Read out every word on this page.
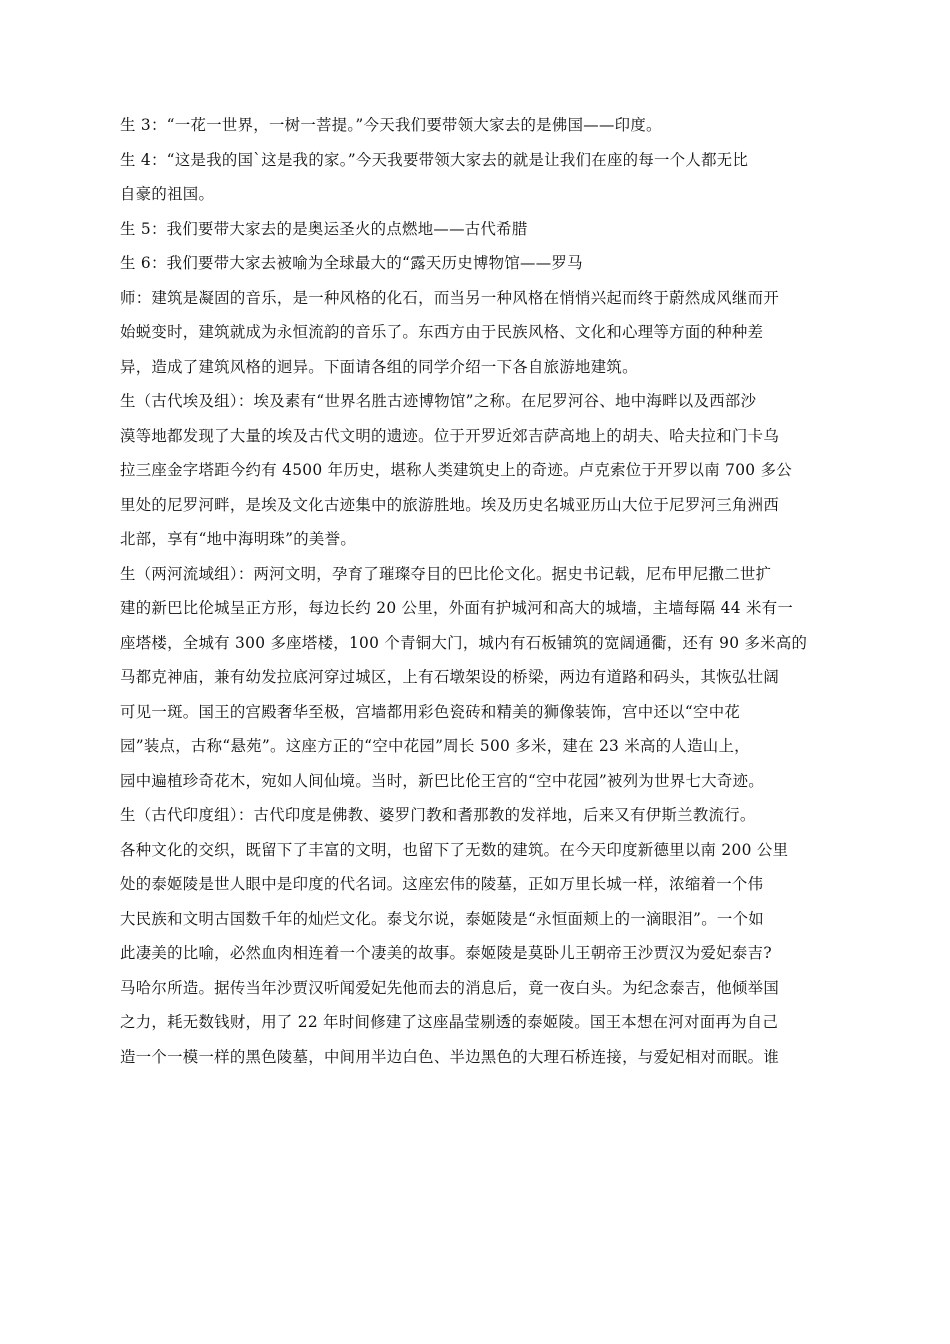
生 3：“一花一世界，一树一菩提。”今天我们要带领大家去的是佛国——印度。
生 4：“这是我的国`这是我的家。”今天我要带领大家去的就是让我们在座的每一个人都无比
自豪的祖国。
生 5：我们要带大家去的是奥运圣火的点燃地——古代希腊
生 6：我们要带大家去被喻为全球最大的“露天历史博物馆——罗马
师：建筑是凝固的音乐，是一种风格的化石，而当另一种风格在悄悄兴起而终于蔚然成风继而开
始蜕变时，建筑就成为永恒流韵的音乐了。东西方由于民族风格、文化和心理等方面的种种差
异，造成了建筑风格的迥异。下面请各组的同学介绍一下各自旅游地建筑。
生（古代埃及组）：埃及素有“世界名胜古迹博物馆”之称。在尼罗河谷、地中海畔以及西部沙
漠等地都发现了大量的埃及古代文明的遗迹。位于开罗近郊吉萨高地上的胡夫、哈夫拉和门卡乌
拉三座金字塔距今约有 4500 年历史，堪称人类建筑史上的奇迹。卢克索位于开罗以南 700 多公
里处的尼罗河畔，是埃及文化古迹集中的旅游胜地。埃及历史名城亚历山大位于尼罗河三角洲西
北部，享有“地中海明珠”的美誉。
生（两河流域组）：两河文明，孕育了璀璨夺目的巴比伦文化。据史书记载，尼布甲尼撒二世扩
建的新巴比伦城呈正方形，每边长约 20 公里，外面有护城河和高大的城墙，主墙每隔 44 米有一
座塔楼，全城有 300 多座塔楼，100 个青铜大门，城内有石板铺筑的宽阔通衢，还有 90 多米高的
马都克神庙，兼有幼发拉底河穿过城区，上有石墩架设的桥梁，两边有道路和码头，其恢弘壮阔
可见一斑。国王的宫殿奢华至极，宫墙都用彩色瓷砖和精美的狮像装饰，宫中还以“空中花
园”装点，古称“悬苑”。这座方正的“空中花园”周长 500 多米，建在 23 米高的人造山上，
园中遍植珍奇花木，宛如人间仙境。当时，新巴比伦王宫的“空中花园”被列为世界七大奇迹。
生（古代印度组）：古代印度是佛教、婆罗门教和耆那教的发祥地，后来又有伊斯兰教流行。
各种文化的交织，既留下了丰富的文明，也留下了无数的建筑。在今天印度新德里以南 200 公里
处的泰姬陵是世人眼中是印度的代名词。这座宏伟的陵墓，正如万里长城一样，浓缩着一个伟
大民族和文明古国数千年的灿烂文化。泰戈尔说，泰姬陵是“永恒面颊上的一滴眼泪”。一个如
此凄美的比喻，必然血肉相连着一个凄美的故事。泰姬陵是莫卧儿王朝帝王沙贾汉为爱妃泰吉?
马哈尔所造。据传当年沙贾汉听闻爱妃先他而去的消息后，竟一夜白头。为纪念泰吉，他倾举国
之力，耗无数钱财，用了 22 年时间修建了这座晶莹剔透的泰姬陵。国王本想在河对面再为自己
造一个一模一样的黑色陵墓，中间用半边白色、半边黑色的大理石桥连接，与爱妃相对而眠。谁
